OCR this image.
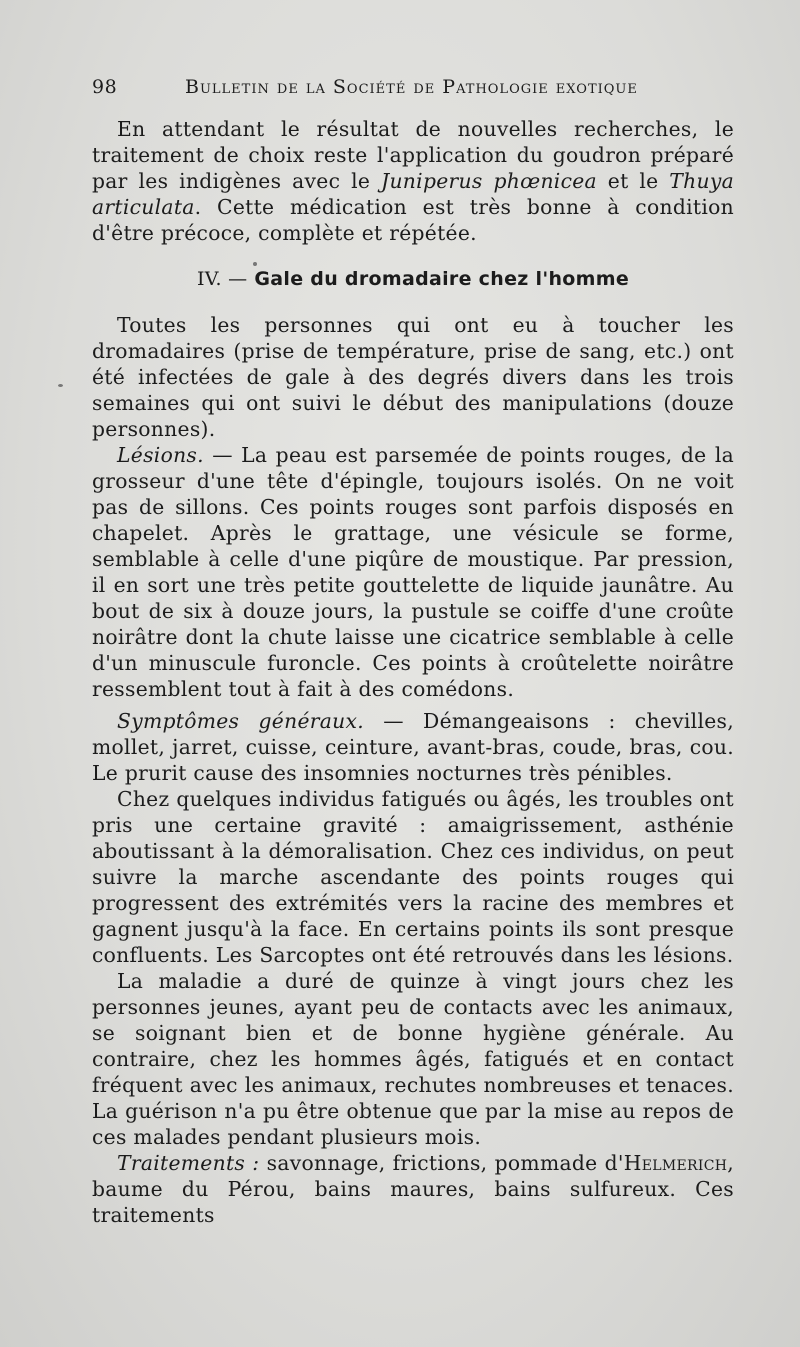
98	Bulletin de la Société de Pathologie exotique

En attendant le résultat de nouvelles recherches, le traitement de choix reste l'application du goudron préparé par les indigènes avec le Juniperus phœnicea et le Thuya articulata. Cette médication est très bonne à condition d'être précoce, complète et répétée.

IV. — Gale du dromadaire chez l'homme

Toutes les personnes qui ont eu à toucher les dromadaires (prise de température, prise de sang, etc.) ont été infectées de gale à des degrés divers dans les trois semaines qui ont suivi le début des manipulations (douze personnes).

Lésions. — La peau est parsemée de points rouges, de la grosseur d'une tête d'épingle, toujours isolés. On ne voit pas de sillons. Ces points rouges sont parfois disposés en chapelet. Après le grattage, une vésicule se forme, semblable à celle d'une piqûre de moustique. Par pression, il en sort une très petite gouttelette de liquide jaunâtre. Au bout de six à douze jours, la pustule se coiffe d'une croûte noirâtre dont la chute laisse une cicatrice semblable à celle d'un minuscule furoncle. Ces points à croûtelette noirâtre ressemblent tout à fait à des comédons.

Symptômes généraux. — Démangeaisons : chevilles, mollet, jarret, cuisse, ceinture, avant-bras, coude, bras, cou. Le prurit cause des insomnies nocturnes très pénibles.

Chez quelques individus fatigués ou âgés, les troubles ont pris une certaine gravité : amaigrissement, asthénie aboutissant à la démoralisation. Chez ces individus, on peut suivre la marche ascendante des points rouges qui progressent des extrémités vers la racine des membres et gagnent jusqu'à la face. En certains points ils sont presque confluents. Les Sarcoptes ont été retrouvés dans les lésions.

La maladie a duré de quinze à vingt jours chez les personnes jeunes, ayant peu de contacts avec les animaux, se soignant bien et de bonne hygiène générale. Au contraire, chez les hommes âgés, fatigués et en contact fréquent avec les animaux, rechutes nombreuses et tenaces. La guérison n'a pu être obtenue que par la mise au repos de ces malades pendant plusieurs mois.

Traitements : savonnage, frictions, pommade d'Helmerich, baume du Pérou, bains maures, bains sulfureux. Ces traitements
